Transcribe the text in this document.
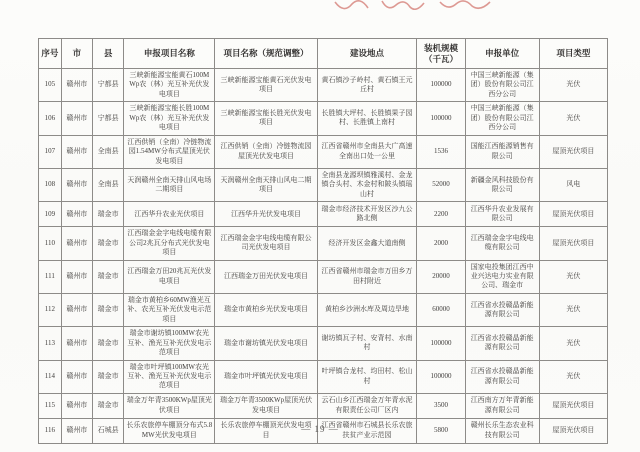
序号	市	县	申报项目名称	项目名称（规范调整）	建设地点	装机规模（千瓦）	申报单位	项目类型
105	赣州市	宁都县	三峡新能源宝能黄石100MWp农（林）光互补光伏发电项目	三峡新能源宝能黄石光伏发电项目	黄石镇沙子岭村、黄石镇王元丘村	100000	中国三峡新能源（集团）股份有限公司江西分公司	光伏
106	赣州市	宁都县	三峡新能源宝能长胜100MWp农（林）光互补光伏发电项目	三峡新能源宝能长胜光伏发电项目	长胜镇大坪村、长胜镇果子园村、长胜镇上南村	100000	中国三峡新能源（集团）股份有限公司江西分公司	光伏
107	赣州市	全南县	江西供销（全南）冷链物流园1.54MW分布式屋顶光伏发电项目	江西供销（全南）冷链物流园屋顶光伏发电项目	江西省赣州市全南县大广高速全南出口处一公里	1536	国能江西能源销售有限公司	屋顶光伏项目
108	赣州市	全南县	天润赣州全南天排山风电场二期项目	天润赣州全南天排山风电二期项目	全南县龙源坝镇雅溪村、金龙镇合头村、木金村和陂头镇瑶山村	52000	新疆金风科技股份有限公司	风电
109	赣州市	瑞金市	江西华升农业光伏项目	江西华升光伏发电项目	瑞金市经济技术开发区沙九公路北侧	2200	江西华升农业发展有限公司	屋顶光伏项目
110	赣州市	瑞金市	江西瑞金金字电线电缆有限公司2兆瓦分布式光伏发电项目	江西瑞金金字电线电缆有限公司光伏发电项目	经济开发区金鑫大道南侧	2000	江西瑞金金字电线电缆有限公司	屋顶光伏项目
111	赣州市	瑞金市	江西瑞金万田20兆瓦光伏发电项目	江西瑞金万田光伏发电项目	江西省赣州市瑞金市万田乡万田村附近	20000	国家电投集团江西中业兴达电力实业有限公司、瑞金市	光伏
112	赣州市	瑞金市	瑞金市黄柏乡60MW渔光互补、农光互补光伏发电示范项目	瑞金市黄柏乡光伏发电项目	黄柏乡沙洲水库及周边旱地	60000	江西省水投赣晶新能源有限公司	光伏
113	赣州市	瑞金市	瑞金市谢坊镇100MW农光互补、渔光互补光伏发电示范项目	瑞金市谢坊镇光伏发电项目	谢坊镇瓦子村、安背村、水南村	100000	江西省水投赣晶新能源有限公司	光伏
114	赣州市	瑞金市	瑞金市叶坪镇100MW农光互补、渔光互补光伏发电示范项目	瑞金市叶坪镇光伏发电项目	叶坪镇合龙村、均田村、松山村	100000	江西省水投赣晶新能源有限公司	光伏
115	赣州市	瑞金市	瑞金万年青3500KWp屋顶光伏项目	瑞金万年青3500KWp屋顶光伏发电项目	云石山乡江西瑞金万年青水泥有限责任公司厂区内	3500	江西南方万年青新能源有限公司	屋顶光伏项目
116	赣州市	石城县	长乐农旅停车棚顶分布式5.8MW光伏发电项目	长乐农旅停车棚顶光伏发电项目	江西省赣州市石城县长乐农旅扶贫产业示范园	5800	赣州长乐生态农业科技有限公司	屋顶光伏项目
— 19 —
